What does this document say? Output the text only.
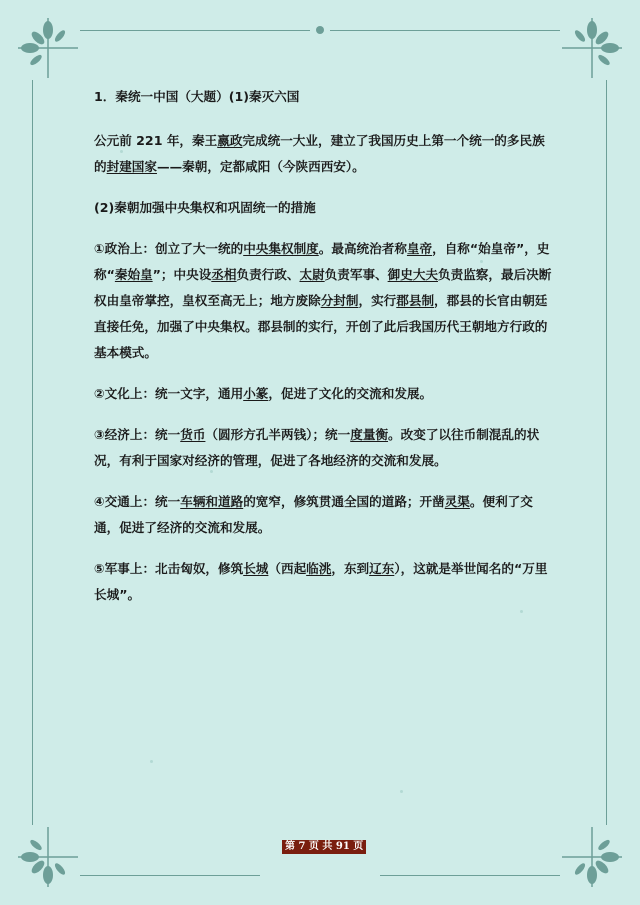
1．秦统一中国（大题）(1)秦灭六国

公元前 221 年，秦王嬴政完成统一大业，建立了我国历史上第一个统一的多民族的封建国家——秦朝，定都咸阳（今陕西西安）。

(2)秦朝加强中央集权和巩固统一的措施

①政治上：创立了大一统的中央集权制度。最高统治者称皇帝，自称“始皇帝”，史称“秦始皇”；中央设丞相负责行政、太尉负责军事、御史大夫负责监察，最后决断权由皇帝掌控，皇权至高无上；地方废除分封制，实行郡县制，郡县的长官由朝廷直接任免，加强了中央集权。郡县制的实行，开创了此后我国历代王朝地方行政的基本模式。

②文化上：统一文字，通用小篆，促进了文化的交流和发展。

③经济上：统一货币（圆形方孔半两钱）；统一度量衡。改变了以往币制混乱的状况，有利于国家对经济的管理，促进了各地经济的交流和发展。

④交通上：统一车辆和道路的宽窄，修筑贯通全国的道路；开凿灵渠。便利了交通，促进了经济的交流和发展。

⑤军事上：北击匈奴，修筑长城（西起临洮，东到辽东），这就是举世闻名的“万里长城”。

第 7 页 共 91 页
